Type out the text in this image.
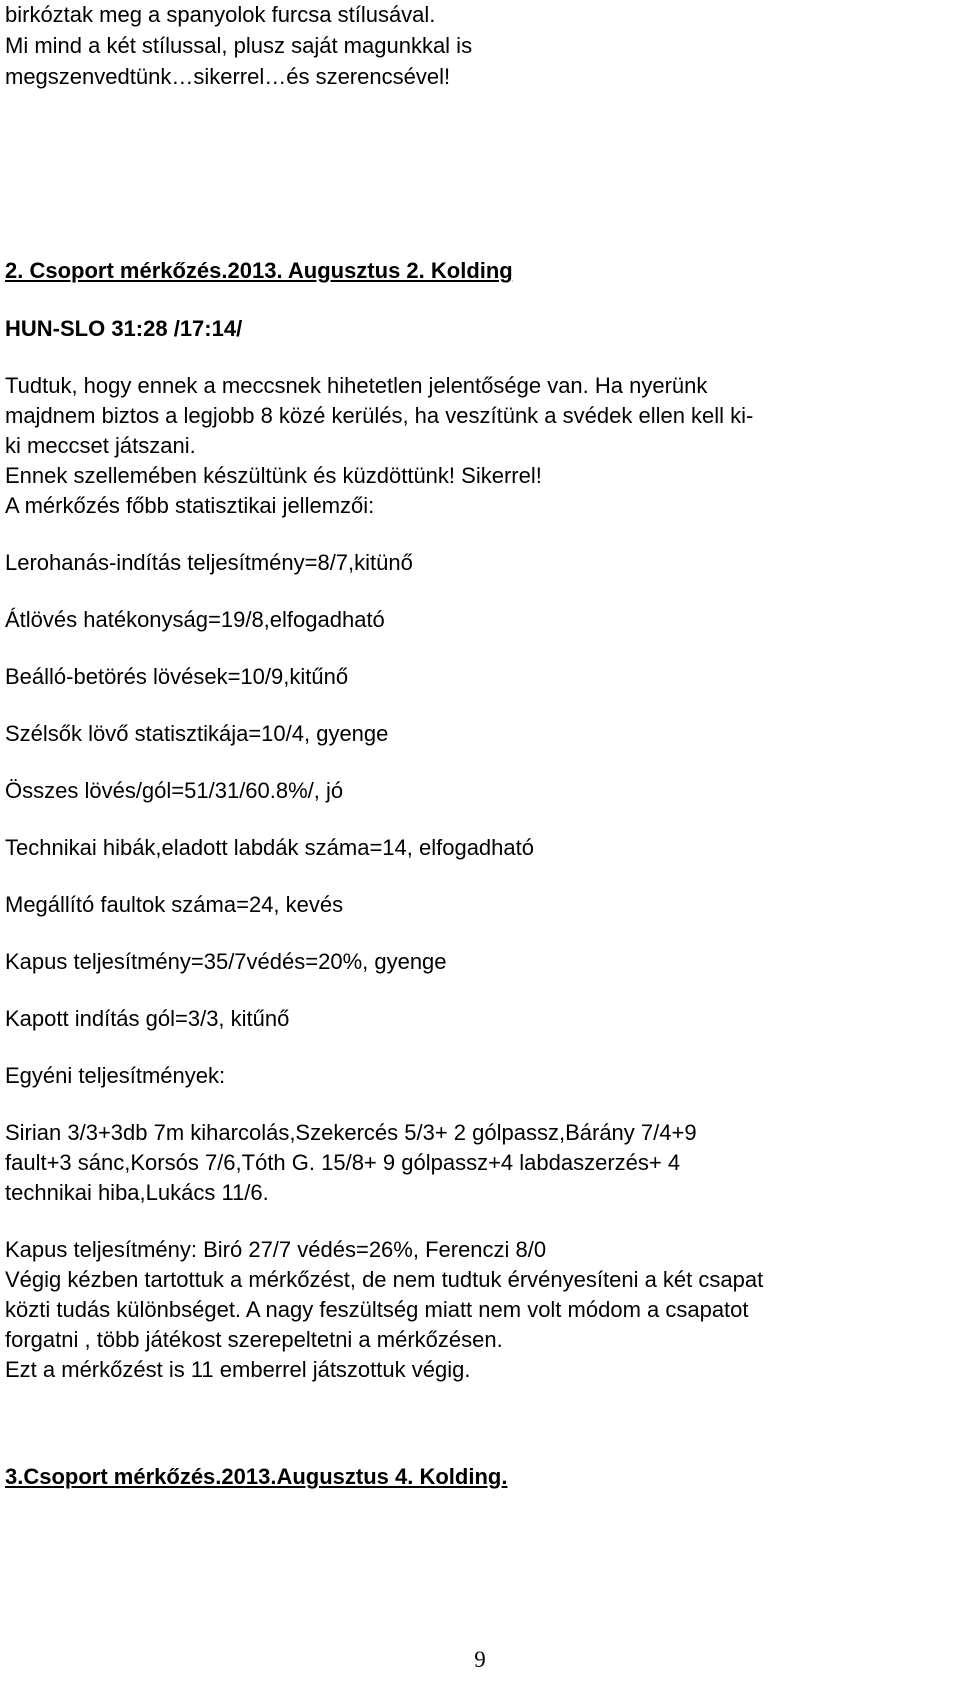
birkóztak meg a spanyolok furcsa stílusával.
Mi mind a két stílussal, plusz saját magunkkal is
megszenvedtünk…sikerrel…és szerencsével!
2. Csoport mérkőzés.2013. Augusztus 2. Kolding
HUN-SLO 31:28 /17:14/
Tudtuk, hogy ennek a meccsnek hihetetlen jelentősége van. Ha nyerünk
majdnem biztos a legjobb 8 közé kerülés, ha veszítünk a svédek ellen kell ki-
ki meccset játszani.
Ennek szellemében készültünk és küzdöttünk! Sikerrel!
A mérkőzés főbb statisztikai jellemzői:
Lerohanás-indítás teljesítmény=8/7,kitünő
Átlövés hatékonyság=19/8,elfogadható
Beálló-betörés lövések=10/9,kitűnő
Szélsők lövő statisztikája=10/4, gyenge
Összes lövés/gól=51/31/60.8%/, jó
Technikai hibák,eladott labdák száma=14, elfogadható
Megállító faultok száma=24, kevés
Kapus teljesítmény=35/7védés=20%, gyenge
Kapott indítás gól=3/3, kitűnő
Egyéni teljesítmények:
Sirian 3/3+3db 7m kiharcolás,Szekercés 5/3+ 2 gólpassz,Bárány 7/4+9
fault+3 sánc,Korsós 7/6,Tóth G. 15/8+ 9 gólpassz+4 labdaszerzés+ 4
technikai hiba,Lukács 11/6.
Kapus teljesítmény: Biró 27/7 védés=26%, Ferenczi 8/0
Végig kézben tartottuk a mérkőzést, de nem tudtuk érvényesíteni a két csapat
közti tudás különbséget. A nagy feszültség miatt nem volt módom a csapatot
forgatni , több játékost szerepeltetni a mérkőzésen.
Ezt a mérkőzést is 11 emberrel játszottuk végig.
3.Csoport mérkőzés.2013.Augusztus 4. Kolding.
9
